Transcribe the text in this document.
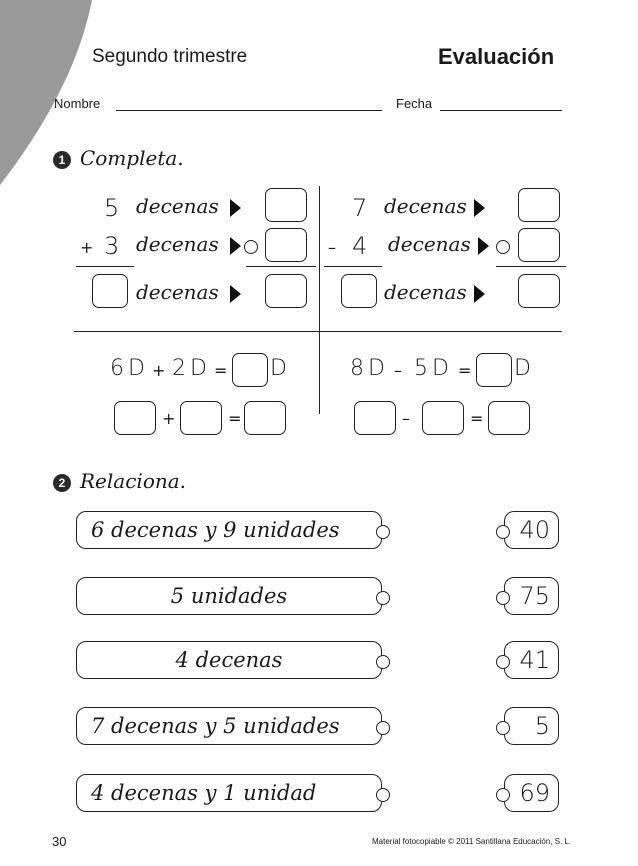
Segundo trimestre	Evaluación
Nombre	Fecha
1 Completa.
5 decenas
+ 3 decenas
decenas
7 decenas
– 4 decenas
decenas
6 D + 2 D = D
+	=
8 D – 5 D = D
–	=
2 Relaciona.
6 decenas y 9 unidades	40
5 unidades	75
4 decenas	41
7 decenas y 5 unidades	5
4 decenas y 1 unidad	69
30	Material fotocopiable © 2011 Santillana Educación, S. L.
